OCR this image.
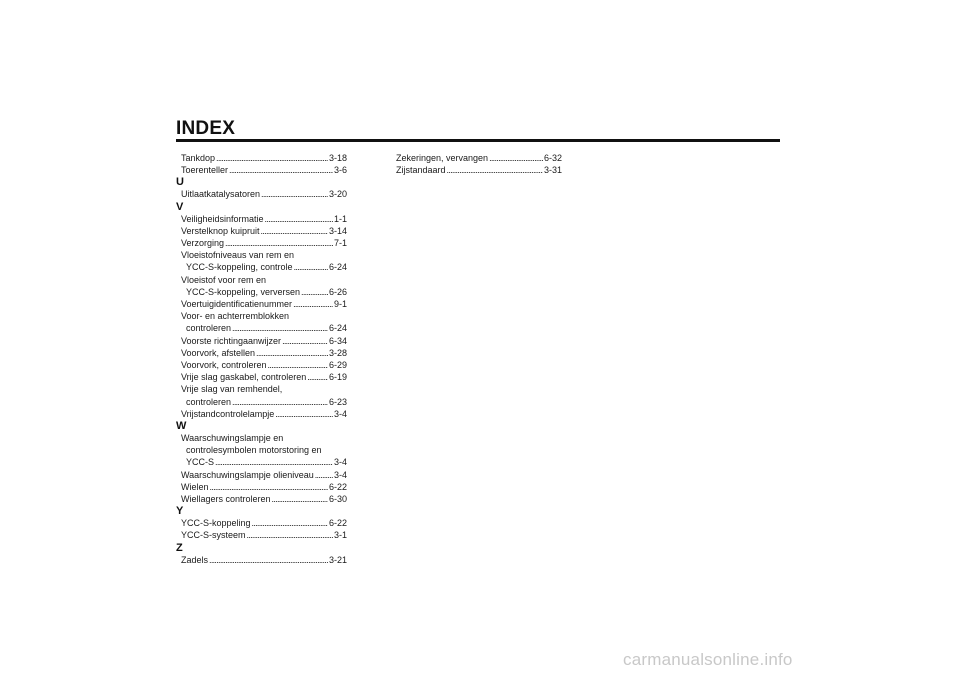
INDEX
Tankdop . . .	3-18
Toerenteller . . .	3-6
U
Uitlaatkatalysatoren . . .	3-20
V
Veiligheidsinformatie . . .	1-1
Verstelknop kuipruit . . .	3-14
Verzorging . . .	7-1
Vloeistofniveaus van rem en
YCC-S-koppeling, controle . . .	6-24
Vloeistof voor rem en
YCC-S-koppeling, verversen . . .	6-26
Voertuigidentificatienummer . . .	9-1
Voor- en achterremblokken
controleren . . .	6-24
Voorste richtingaanwijzer . . .	6-34
Voorvork, afstellen . . .	3-28
Voorvork, controleren . . .	6-29
Vrije slag gaskabel, controleren . . .	6-19
Vrije slag van remhendel,
controleren . . .	6-23
Vrijstandcontrolelampje . . .	3-4
W
Waarschuwingslampje en
controlesymbolen motorstoring en
YCC-S . . .	3-4
Waarschuwingslampje olieniveau . . . 3-4
Wielen . . .	6-22
Wiellagers controleren . . .	6-30
Y
YCC-S-koppeling . . .	6-22
YCC-S-systeem . . .	3-1
Z
Zadels . . .	3-21
Zekeringen, vervangen . . .	6-32
Zijstandaard . . .	3-31
carmanualsonline.info
